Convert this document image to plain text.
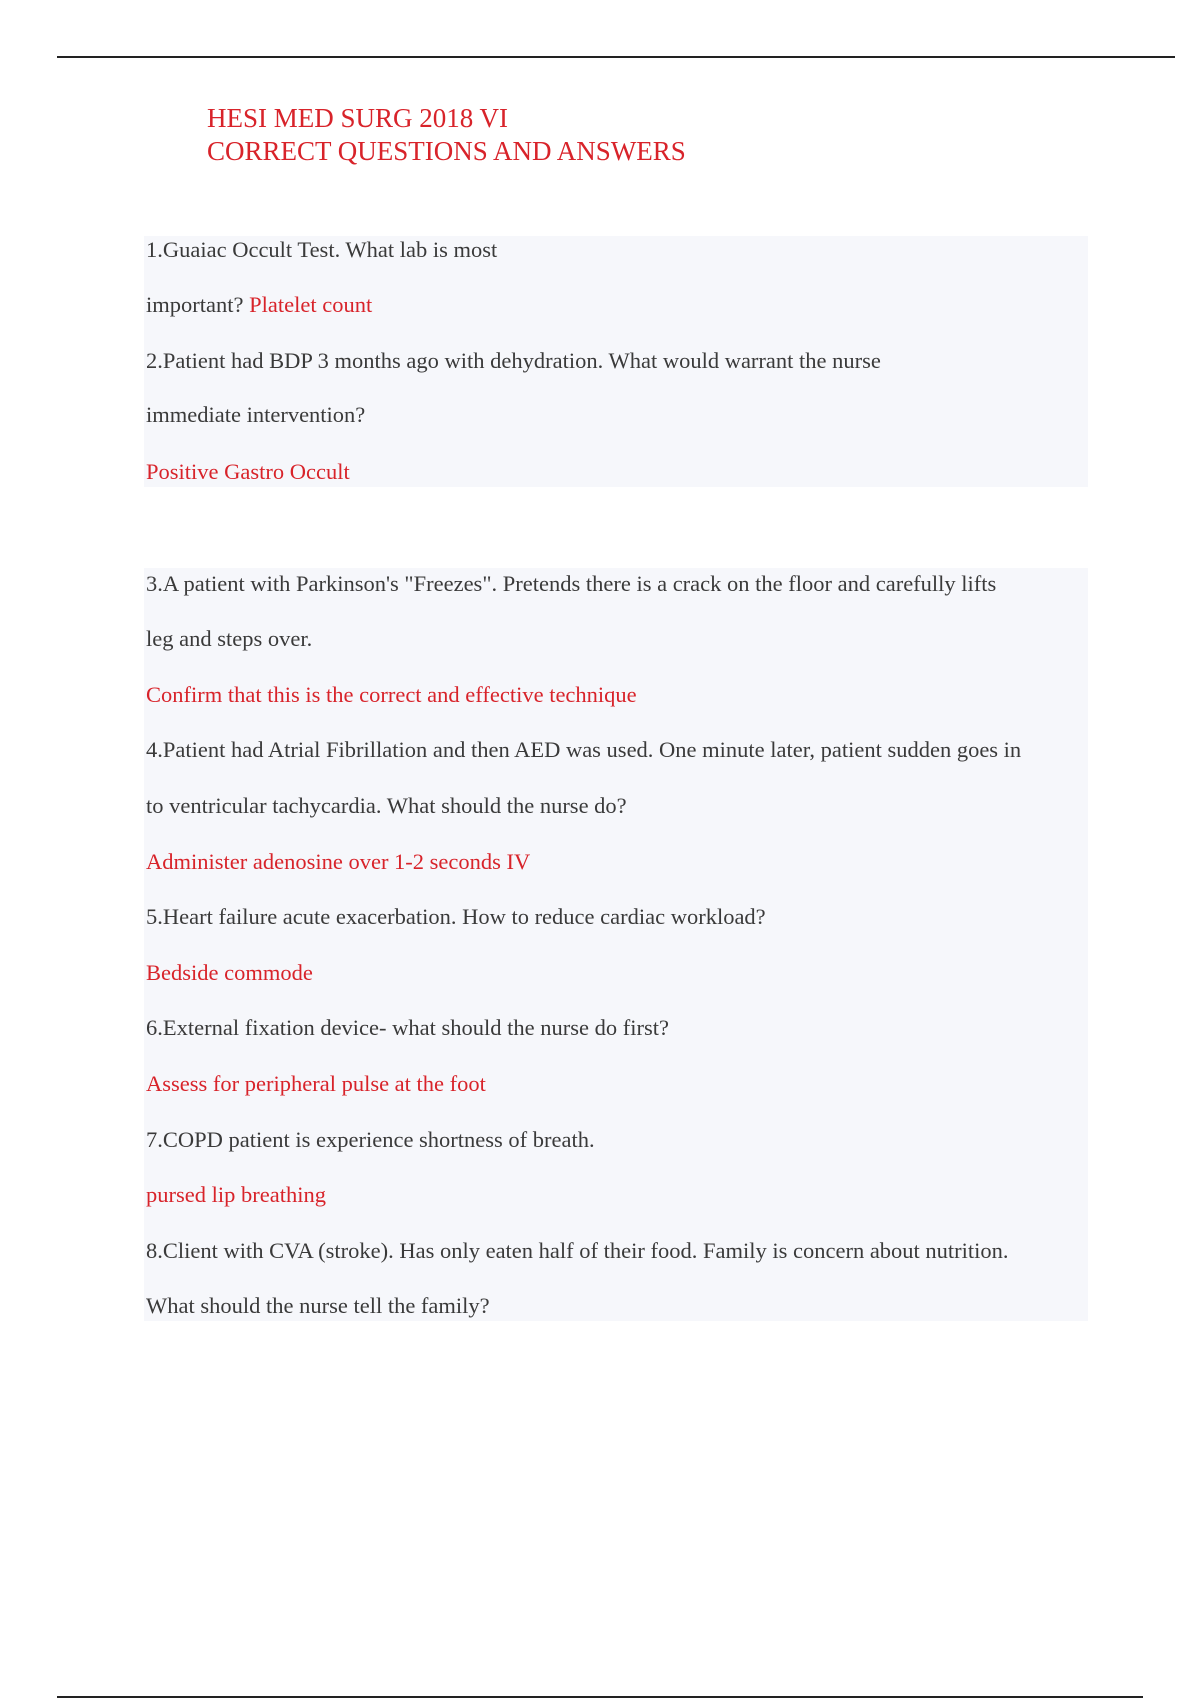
HESI MED SURG 2018 VI
CORRECT QUESTIONS AND ANSWERS
1.Guaiac Occult Test. What lab is most
important? Platelet count
2.Patient had BDP 3 months ago with dehydration. What would warrant the nurse
immediate intervention?
Positive Gastro Occult
3.A patient with Parkinson's "Freezes". Pretends there is a crack on the floor and carefully lifts
leg and steps over.
Confirm that this is the correct and effective technique
4.Patient had Atrial Fibrillation and then AED was used. One minute later, patient sudden goes in
to ventricular tachycardia. What should the nurse do?
Administer adenosine over 1-2 seconds IV
5.Heart failure acute exacerbation. How to reduce cardiac workload?
Bedside commode
6.External fixation device- what should the nurse do first?
Assess for peripheral pulse at the foot
7.COPD patient is experience shortness of breath.
pursed lip breathing
8.Client with CVA (stroke). Has only eaten half of their food. Family is concern about nutrition.
What should the nurse tell the family?
